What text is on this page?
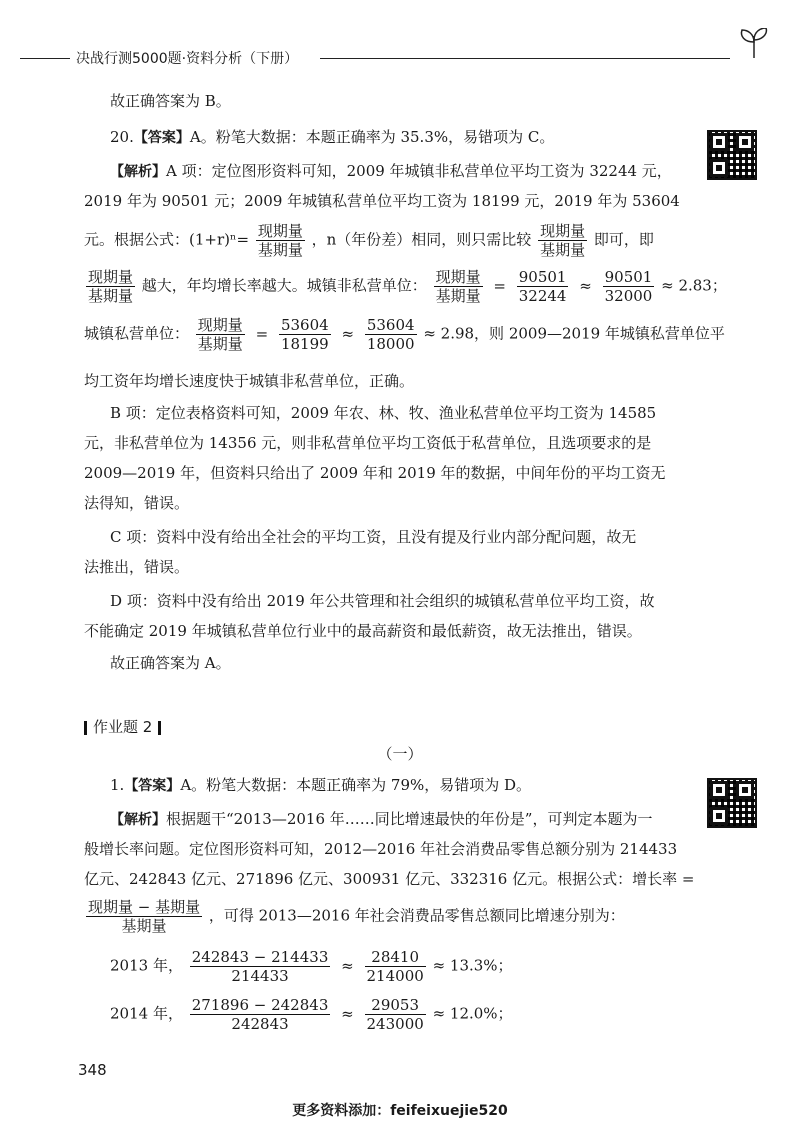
决战行测5000题·资料分析（下册）
故正确答案为 B。
20.【答案】A。粉笔大数据：本题正确率为 35.3%，易错项为 C。
【解析】A 项：定位图形资料可知，2009 年城镇非私营单位平均工资为 32244 元，
2019 年为 90501 元；2009 年城镇私营单位平均工资为 18199 元，2019 年为 53604
元。根据公式：$(1+r)^n= \frac{\text{现期量}}{\text{基期量}}$ ，n（年份差）相同，则只需比较 $\frac{\text{现期量}}{\text{基期量}}$ 即可，即
$\frac{\text{现期量}}{\text{基期量}}$ 越大，年均增长率越大。城镇非私营单位： $\frac{\text{现期量}}{\text{基期量}} = \frac{90501}{32244} \approx \frac{90501}{32000} \approx 2.83$；
城镇私营单位： $\frac{\text{现期量}}{\text{基期量}} = \frac{53604}{18199} \approx \frac{53604}{18000} \approx 2.98$，则 2009—2019 年城镇私营单位平
均工资年均增长速度快于城镇非私营单位，正确。
B 项：定位表格资料可知，2009 年农、林、牧、渔业私营单位平均工资为 14585
元，非私营单位为 14356 元，则非私营单位平均工资低于私营单位，且选项要求的是
2009—2019 年，但资料只给出了 2009 年和 2019 年的数据，中间年份的平均工资无
法得知，错误。
C 项：资料中没有给出全社会的平均工资，且没有提及行业内部分配问题，故无
法推出，错误。
D 项：资料中没有给出 2019 年公共管理和社会组织的城镇私营单位平均工资，故
不能确定 2019 年城镇私营单位行业中的最高薪资和最低薪资，故无法推出，错误。
故正确答案为 A。
作业题 2
（一）
1.【答案】A。粉笔大数据：本题正确率为 79%，易错项为 D。
【解析】根据题干“2013—2016 年……同比增速最快的年份是”，可判定本题为一
般增长率问题。定位图形资料可知，2012—2016 年社会消费品零售总额分别为 214433
亿元、242843 亿元、271896 亿元、300931 亿元、332316 亿元。根据公式：增长率 =
$\frac{\text{现期量 − 基期量}}{\text{基期量}}$ ，可得 2013—2016 年社会消费品零售总额同比增速分别为：
2013 年， $\frac{242843 - 214433}{214433} \approx \frac{28410}{214000} \approx 13.3\%$；
2014 年， $\frac{271896 - 242843}{242843} \approx \frac{29053}{243000} \approx 12.0\%$；
348
更多资料添加：feifeixuejie520
